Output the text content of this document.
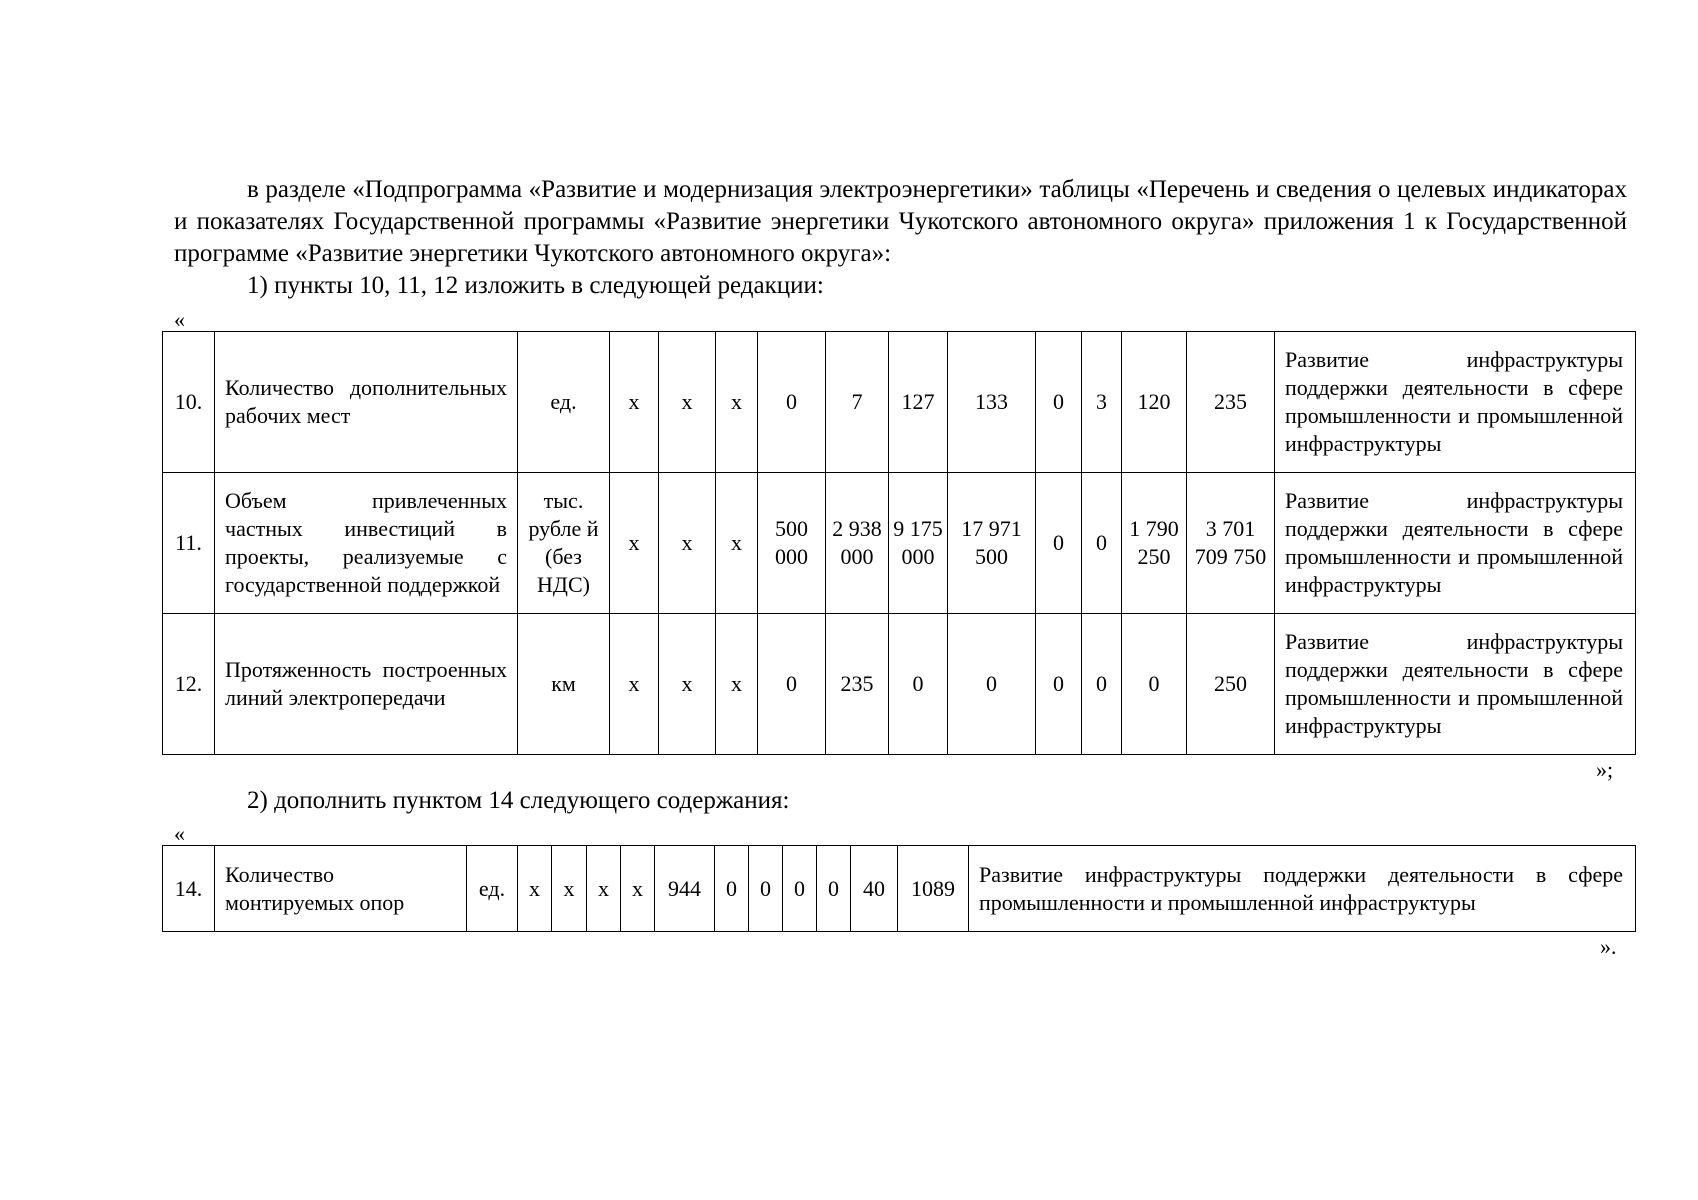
в разделе «Подпрограмма «Развитие и модернизация электроэнергетики» таблицы «Перечень и сведения о целевых индикаторах и показателях Государственной программы «Развитие энергетики Чукотского автономного округа» приложения 1 к Государственной программе «Развитие энергетики Чукотского автономного округа»:
1) пункты 10, 11, 12 изложить в следующей редакции:
«
10.	Количество дополнительных рабочих мест	ед.	х	х	х	0	7	127	133	0	3	120	235	Развитие инфраструктуры поддержки деятельности в сфере промышленности и промышленной инфраструктуры
11.	Объем привлеченных частных инвестиций в проекты, реализуемые с государственной поддержкой	тыс. рубле й (без НДС)	х	х	х	500 000	2 938 000	9 175 000	17 971 500	0	0	1 790 250	3 701 709 750	Развитие инфраструктуры поддержки деятельности в сфере промышленности и промышленной инфраструктуры
12.	Протяженность построенных линий электропередачи	км	х	х	х	0	235	0	0	0	0	0	250	Развитие инфраструктуры поддержки деятельности в сфере промышленности и промышленной инфраструктуры
»;
2) дополнить пунктом 14 следующего содержания:
«
14.	Количество монтируемых опор	ед.	х	х	х	х	944	0	0	0	0	40	1089	Развитие инфраструктуры поддержки деятельности в сфере промышленности и промышленной инфраструктуры
».
